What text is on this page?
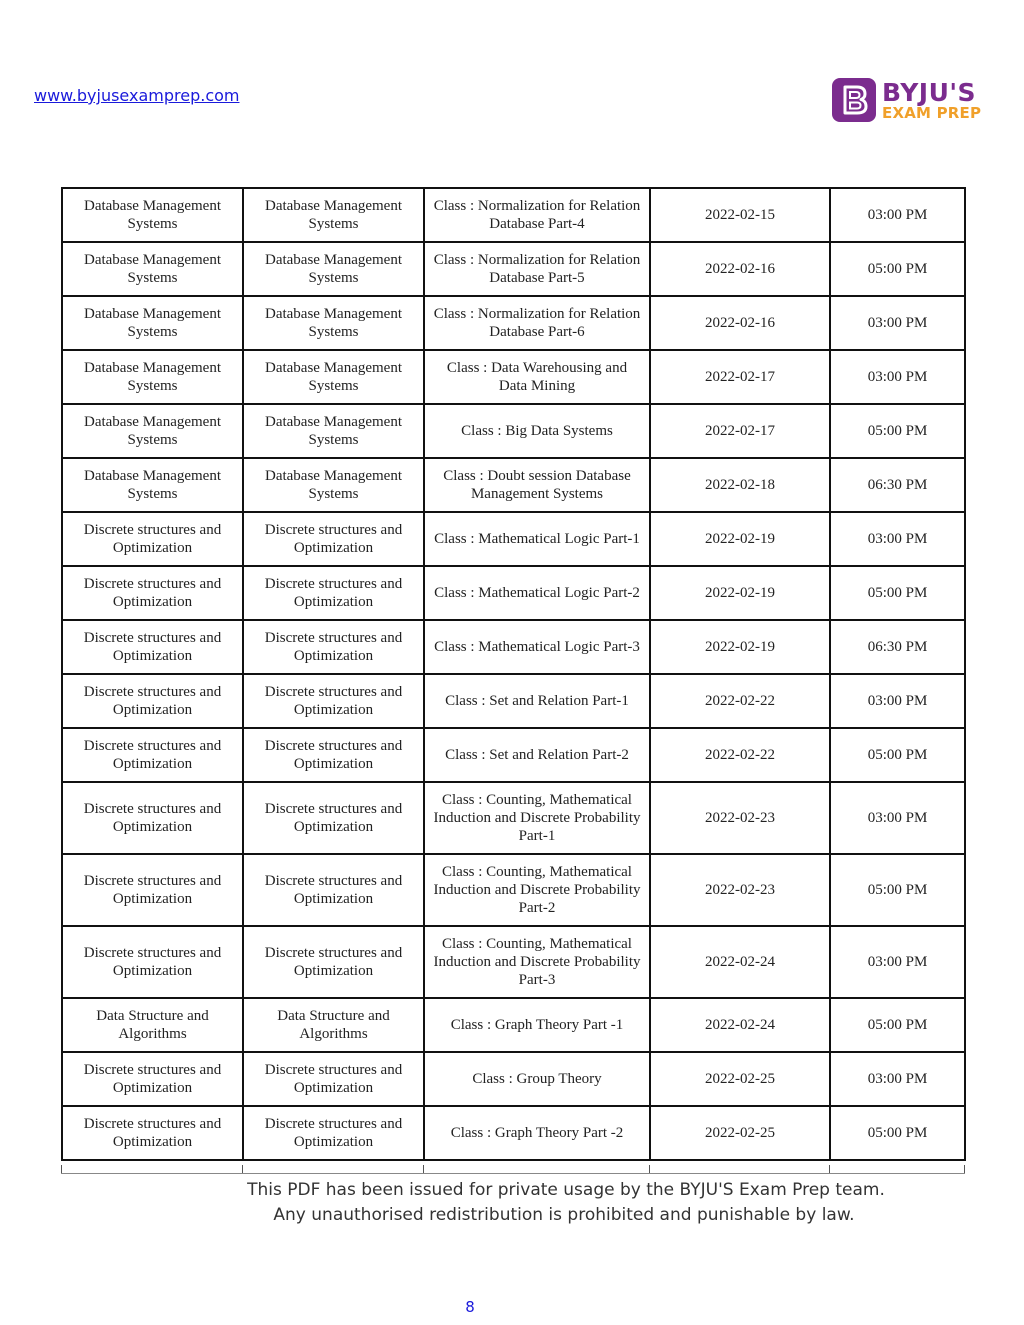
www.byjusexamprep.com	BYJU'S
EXAM PREP
Database Management Systems	Database Management Systems	Class : Normalization for Relation Database Part-4	2022-02-15	03:00 PM
Database Management Systems	Database Management Systems	Class : Normalization for Relation Database Part-5	2022-02-16	05:00 PM
Database Management Systems	Database Management Systems	Class : Normalization for Relation Database Part-6	2022-02-16	03:00 PM
Database Management Systems	Database Management Systems	Class : Data Warehousing and Data Mining	2022-02-17	03:00 PM
Database Management Systems	Database Management Systems	Class : Big Data Systems	2022-02-17	05:00 PM
Database Management Systems	Database Management Systems	Class : Doubt session Database Management Systems	2022-02-18	06:30 PM
Discrete structures and Optimization	Discrete structures and Optimization	Class : Mathematical Logic Part-1	2022-02-19	03:00 PM
Discrete structures and Optimization	Discrete structures and Optimization	Class : Mathematical Logic Part-2	2022-02-19	05:00 PM
Discrete structures and Optimization	Discrete structures and Optimization	Class : Mathematical Logic Part-3	2022-02-19	06:30 PM
Discrete structures and Optimization	Discrete structures and Optimization	Class : Set and Relation Part-1	2022-02-22	03:00 PM
Discrete structures and Optimization	Discrete structures and Optimization	Class : Set and Relation Part-2	2022-02-22	05:00 PM
Discrete structures and Optimization	Discrete structures and Optimization	Class : Counting, Mathematical Induction and Discrete Probability Part-1	2022-02-23	03:00 PM
Discrete structures and Optimization	Discrete structures and Optimization	Class : Counting, Mathematical Induction and Discrete Probability Part-2	2022-02-23	05:00 PM
Discrete structures and Optimization	Discrete structures and Optimization	Class : Counting, Mathematical Induction and Discrete Probability Part-3	2022-02-24	03:00 PM
Data Structure and Algorithms	Data Structure and Algorithms	Class : Graph Theory Part -1	2022-02-24	05:00 PM
Discrete structures and Optimization	Discrete structures and Optimization	Class : Group Theory	2022-02-25	03:00 PM
Discrete structures and Optimization	Discrete structures and Optimization	Class : Graph Theory Part -2	2022-02-25	05:00 PM
This PDF has been issued for private usage by the BYJU'S Exam Prep team.
Any unauthorised redistribution is prohibited and punishable by law.
8
